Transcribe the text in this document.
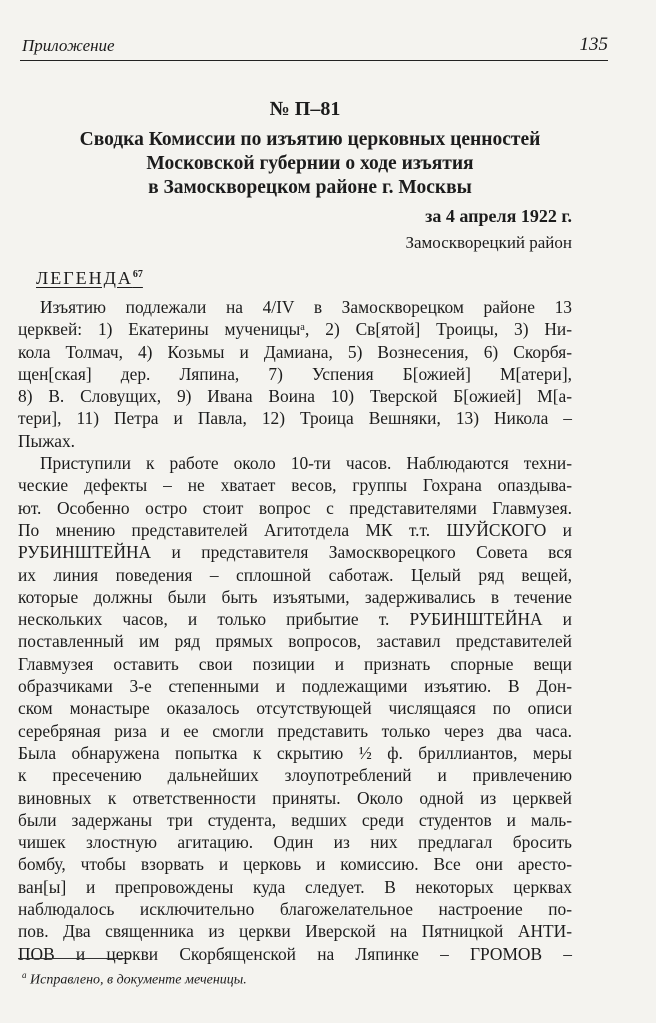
Приложение	135
№ П–81
Сводка Комиссии по изъятию церковных ценностей
Московской губернии о ходе изъятия
в Замоскворецком районе г. Москвы
за 4 апреля 1922 г.
Замоскворецкий район
ЛЕГЕНДА$^{67}$
Изъятию подлежали на 4/IV в Замоскворецком районе 13
церквей: 1) Екатерины мученицыᵃ, 2) Св[ятой] Троицы, 3) Ни-
кола Толмач, 4) Козьмы и Дамиана, 5) Вознесения, 6) Скорбя-
щен[ская] дер. Ляпина, 7) Успения Б[ожией] М[атери],
8) В. Словущих, 9) Ивана Воина 10) Тверской Б[ожией] М[а-
тери], 11) Петра и Павла, 12) Троица Вешняки, 13) Никола –
Пыжах.
Приступили к работе около 10-ти часов. Наблюдаются техни-
ческие дефекты – не хватает весов, группы Гохрана опаздыва-
ют. Особенно остро стоит вопрос с представителями Главмузея.
По мнению представителей Агитотдела МК т.т. ШУЙСКОГО и
РУБИНШТЕЙНА и представителя Замоскворецкого Совета вся
их линия поведения – сплошной саботаж. Целый ряд вещей,
которые должны были быть изъятыми, задерживались в течение
нескольких часов, и только прибытие т. РУБИНШТЕЙНА и
поставленный им ряд прямых вопросов, заставил представителей
Главмузея оставить свои позиции и признать спорные вещи
образчиками 3-е степенными и подлежащими изъятию. В Дон-
ском монастыре оказалось отсутствующей числящаяся по описи
серебряная риза и ее смогли представить только через два часа.
Была обнаружена попытка к скрытию ½ ф. бриллиантов, меры
к пресечению дальнейших злоупотреблений и привлечению
виновных к ответственности приняты. Около одной из церквей
были задержаны три студента, ведших среди студентов и маль-
чишек злостную агитацию. Один из них предлагал бросить
бомбу, чтобы взорвать и церковь и комиссию. Все они аресто-
ван[ы] и препровождены куда следует. В некоторых церквах
наблюдалось исключительно благожелательное настроение по-
пов. Два священника из церкви Иверской на Пятницкой АНТИ-
ПОВ и церкви Скорбященской на Ляпинке – ГРОМОВ –
$^а$ Исправлено, в документе меченицы.
